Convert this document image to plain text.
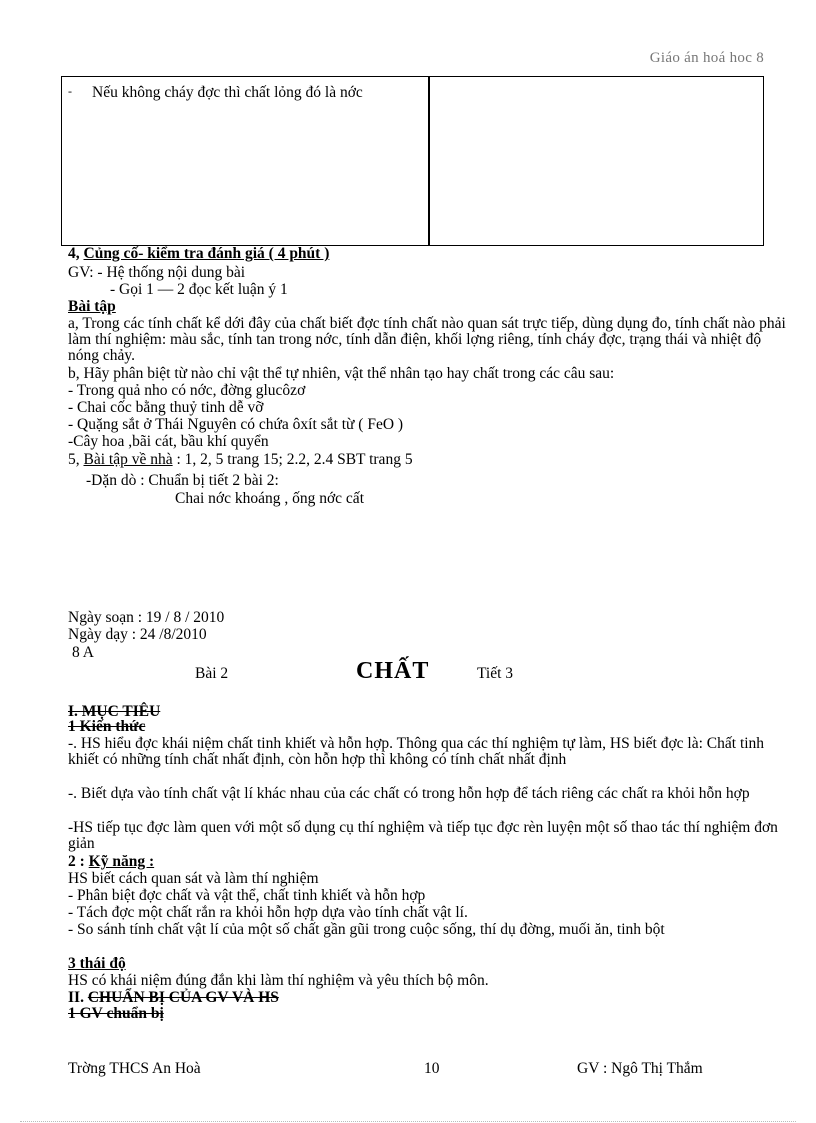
Giáo án hoá hoc 8
- Nếu không cháy đợc thì chất lỏng đó là nớc
4, Củng cố- kiểm tra đánh giá ( 4 phút )
GV: - Hệ thống nội dung bài
- Gọi 1 — 2 đọc kết luận ý 1
Bài tập
a, Trong các tính chất kể dới đây của chất biết đợc tính chất nào quan sát trực tiếp, dùng dụng đo, tính chất nào phải làm thí nghiệm: màu sắc, tính tan trong nớc, tính dẫn điện, khối lợng riêng, tính cháy đợc, trạng thái và nhiệt độ nóng chảy.
b, Hãy phân biệt từ nào chỉ vật thể tự nhiên, vật thể nhân tạo hay chất trong các câu sau:
- Trong quả nho có nớc, đờng glucôzơ
- Chai cốc bằng thuỷ tinh dễ vỡ
- Quặng sắt ở Thái Nguyên có chứa ôxít sắt từ ( FeO )
-Cây hoa ,bãi cát, bầu khí quyển
5, Bài tập về nhà : 1, 2, 5 trang 15; 2.2, 2.4 SBT trang 5
-Dặn dò : Chuẩn bị tiết 2 bài 2:
Chai nớc khoáng , ống nớc cất
Ngày soạn : 19 / 8 / 2010
Ngày dạy : 24 /8/2010
8 A
Bài 2	CHẤT	Tiết 3
I. MỤC TIÊU
1 Kiến thức
-. HS hiểu đợc khái niệm chất tinh khiết và hỗn hợp. Thông qua các thí nghiệm tự làm, HS biết đợc là: Chất tinh khiết có những tính chất nhất định, còn hỗn hợp thì không có tính chất nhất định
-. Biết dựa vào tính chất vật lí khác nhau của các chất có trong hỗn hợp để tách riêng các chất ra khỏi hỗn hợp
-HS tiếp tục đợc làm quen với một số dụng cụ thí nghiệm và tiếp tục đợc rèn luyện một số thao tác thí nghiệm đơn giản
2 : Kỹ năng :
HS biết cách quan sát và làm thí nghiệm
- Phân biệt đợc chất và vật thể, chất tinh khiết và hỗn hợp
- Tách đợc một chất rắn ra khỏi hỗn hợp dựa vào tính chất vật lí.
- So sánh tính chất vật lí của một số chất gần gũi trong cuộc sống, thí dụ đờng, muối ăn, tinh bột
3 thái độ
HS có khái niệm đúng đắn khi làm thí nghiệm và yêu thích bộ môn.
II. CHUẨN BỊ CỦA GV VÀ HS
1 GV chuẩn bị
Trờng THCS An Hoà	10	GV : Ngô Thị Thắm
